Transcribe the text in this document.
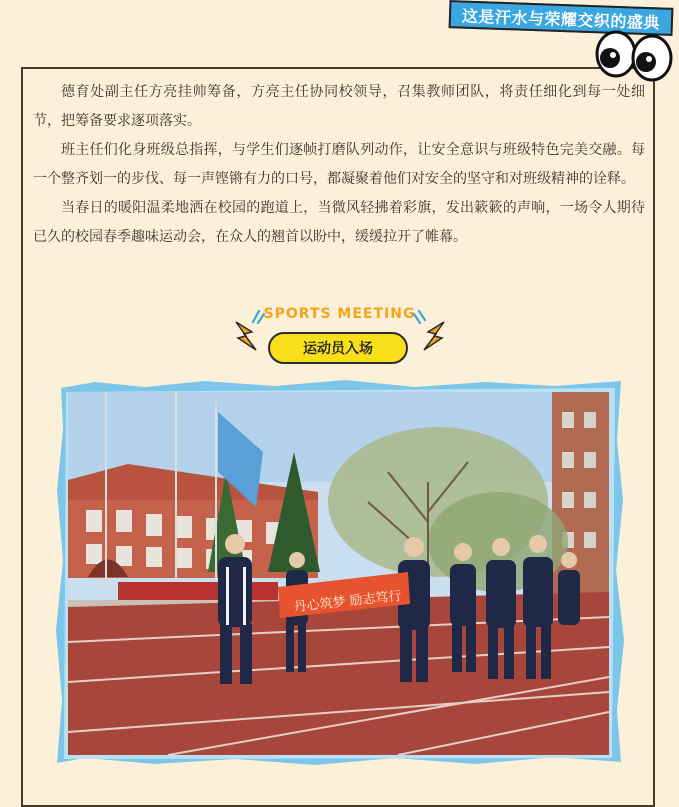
这是汗水与荣耀交织的盛典

德育处副主任方亮挂帅筹备，方亮主任协同校领导，召集教师团队，将责任细化到每一处细节，把筹备要求逐项落实。

班主任们化身班级总指挥，与学生们逐帧打磨队列动作，让安全意识与班级特色完美交融。每一个整齐划一的步伐、每一声铿锵有力的口号，都凝聚着他们对安全的坚守和对班级精神的诠释。

当春日的暖阳温柔地洒在校园的跑道上，当微风轻拂着彩旗，发出簌簌的声响，一场令人期待已久的校园春季趣味运动会，在众人的翘首以盼中，缓缓拉开了帷幕。

SPORTS MEETING
运动员入场
丹心筑梦 励志笃行
